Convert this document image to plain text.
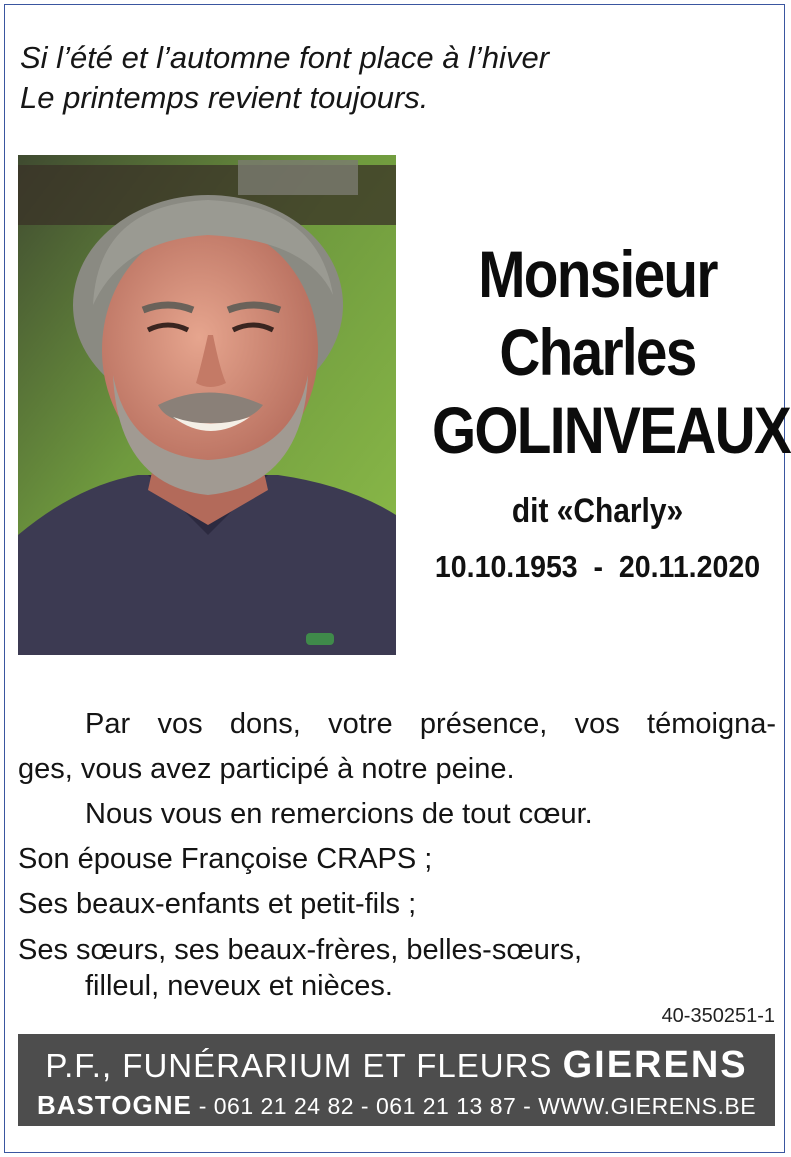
Si l’été et l’automne font place à l’hiver
Le printemps revient toujours.
Monsieur
Charles
GOLINVEAUX
dit «Charly»
10.10.1953 - 20.11.2020
Par vos dons, votre présence, vos témoigna-
ges, vous avez participé à notre peine.
Nous vous en remercions de tout cœur.
Son épouse Françoise CRAPS ;
Ses beaux-enfants et petit-fils ;
Ses sœurs, ses beaux-frères, belles-sœurs,
filleul, neveux et nièces.
40-350251-1
P.F., FUNÉRARIUM ET FLEURS GIERENS
BASTOGNE - 061 21 24 82 - 061 21 13 87 - WWW.GIERENS.BE
